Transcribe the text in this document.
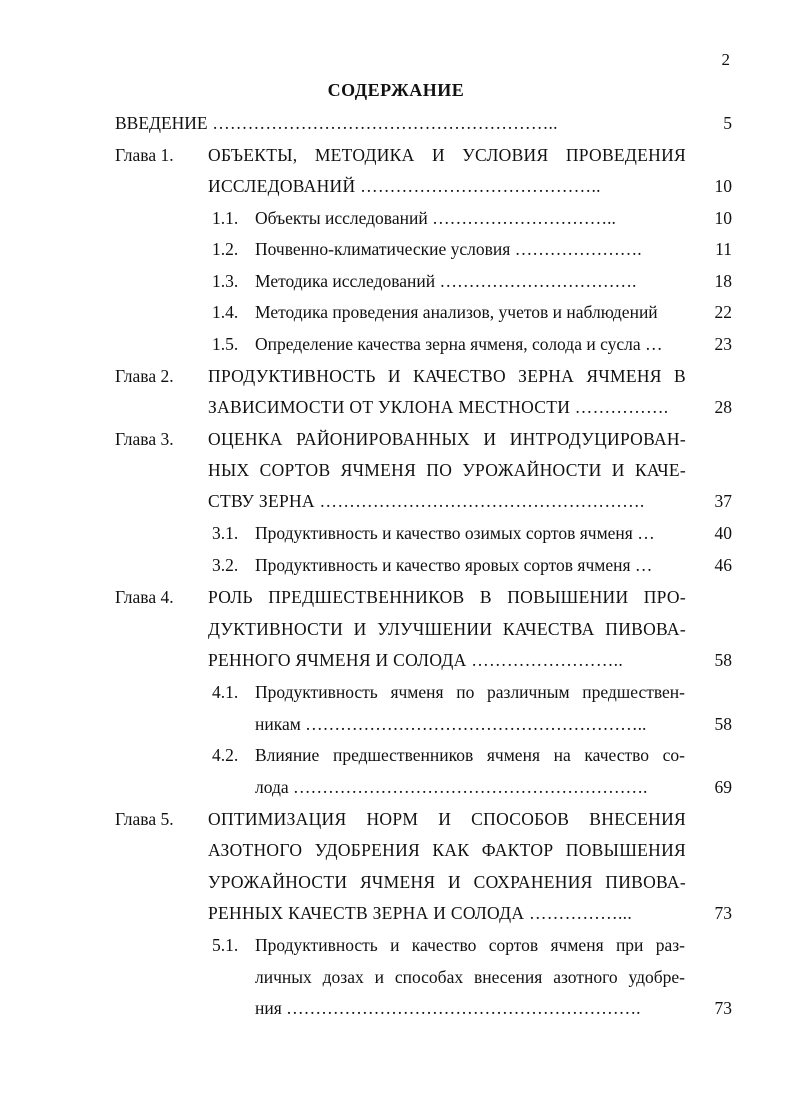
2
СОДЕРЖАНИЕ
ВВЕДЕНИЕ …………………………………………………..	5
Глава 1. ОБЪЕКТЫ, МЕТОДИКА И УСЛОВИЯ ПРОВЕДЕНИЯ
ИССЛЕДОВАНИЙ …………………………………..	10
1.1. Объекты исследований …………………………..	10
1.2. Почвенно-климатические условия ………………….	11
1.3. Методика исследований …………………………….	18
1.4. Методика проведения анализов, учетов и наблюдений	22
1.5. Определение качества зерна ячменя, солода и сусла …	23
Глава 2. ПРОДУКТИВНОСТЬ И КАЧЕСТВО ЗЕРНА ЯЧМЕНЯ В
ЗАВИСИМОСТИ ОТ УКЛОНА МЕСТНОСТИ …………….	28
Глава 3. ОЦЕНКА РАЙОНИРОВАННЫХ И ИНТРОДУЦИРОВАН-
НЫХ СОРТОВ ЯЧМЕНЯ ПО УРОЖАЙНОСТИ И КАЧЕ-
СТВУ ЗЕРНА ……………………………………………….	37
3.1. Продуктивность и качество озимых сортов ячменя …	40
3.2. Продуктивность и качество яровых сортов ячменя …	46
Глава 4. РОЛЬ ПРЕДШЕСТВЕННИКОВ В ПОВЫШЕНИИ ПРО-
ДУКТИВНОСТИ И УЛУЧШЕНИИ КАЧЕСТВА ПИВОВА-
РЕННОГО ЯЧМЕНЯ И СОЛОДА ……………………..	58
4.1. Продуктивность ячменя по различным предшествен-
никам …………………………………………………..	58
4.2. Влияние предшественников ячменя на качество со-
лода …………………………………………………….	69
Глава 5. ОПТИМИЗАЦИЯ НОРМ И СПОСОБОВ ВНЕСЕНИЯ
АЗОТНОГО УДОБРЕНИЯ КАК ФАКТОР ПОВЫШЕНИЯ
УРОЖАЙНОСТИ ЯЧМЕНЯ И СОХРАНЕНИЯ ПИВОВА-
РЕННЫХ КАЧЕСТВ ЗЕРНА И СОЛОДА ……………...	73
5.1. Продуктивность и качество сортов ячменя при раз-
личных дозах и способах внесения азотного удобре-
ния …………………………………………………….	73
